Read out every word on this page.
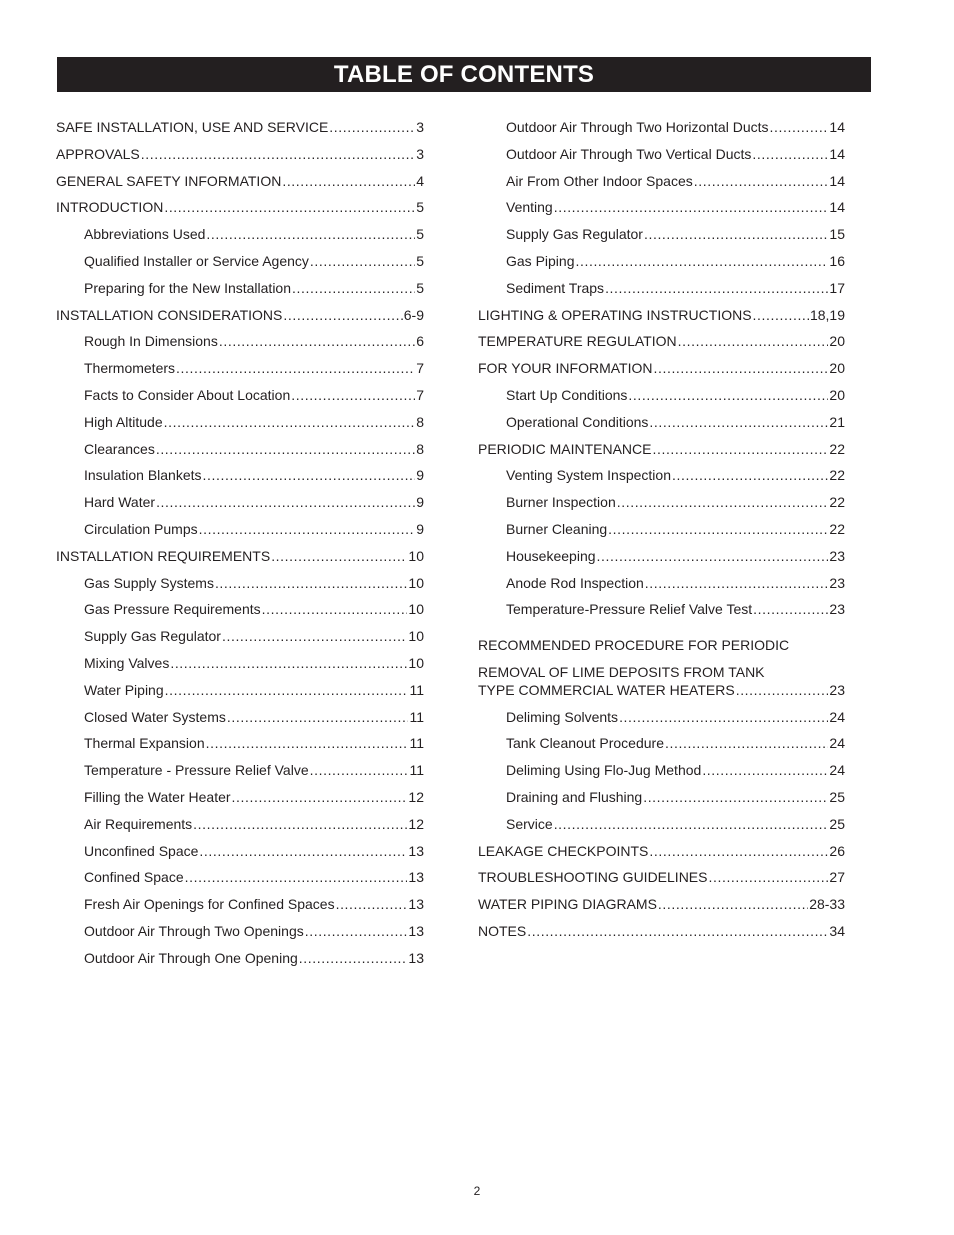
TABLE OF CONTENTS
SAFE INSTALLATION, USE AND SERVICE .....	3
APPROVALS .....	3
GENERAL SAFETY INFORMATION .....	4
INTRODUCTION .....	5
Abbreviations Used .....	5
Qualified Installer or Service Agency .....	5
Preparing for the New Installation .....	5
INSTALLATION CONSIDERATIONS .....	6-9
Rough In Dimensions .....	6
Thermometers .....	7
Facts to Consider About Location .....	7
High Altitude .....	8
Clearances .....	8
Insulation Blankets .....	9
Hard Water .....	9
Circulation Pumps .....	9
INSTALLATION REQUIREMENTS .....	10
Gas Supply Systems .....	10
Gas Pressure Requirements .....	10
Supply Gas Regulator .....	10
Mixing Valves .....	10
Water Piping .....	11
Closed Water Systems .....	11
Thermal Expansion .....	11
Temperature - Pressure Relief Valve .....	11
Filling the Water Heater .....	12
Air Requirements .....	12
Unconfined Space .....	13
Confined Space .....	13
Fresh Air Openings for Confined Spaces .....	13
Outdoor Air Through Two Openings .....	13
Outdoor Air Through One Opening .....	13
Outdoor Air Through Two Horizontal Ducts .....	14
Outdoor Air Through Two Vertical Ducts .....	14
Air From Other Indoor Spaces .....	14
Venting .....	14
Supply Gas Regulator .....	15
Gas Piping .....	16
Sediment Traps .....	17
LIGHTING & OPERATING INSTRUCTIONS .....	18,19
TEMPERATURE REGULATION .....	20
FOR YOUR INFORMATION .....	20
Start Up Conditions .....	20
Operational Conditions .....	21
PERIODIC MAINTENANCE .....	22
Venting System Inspection .....	22
Burner Inspection .....	22
Burner Cleaning .....	22
Housekeeping .....	23
Anode Rod Inspection .....	23
Temperature-Pressure Relief Valve Test .....	23
RECOMMENDED PROCEDURE FOR PERIODIC
REMOVAL OF LIME DEPOSITS FROM TANK
TYPE COMMERCIAL WATER HEATERS .....	23
Deliming Solvents .....	24
Tank Cleanout Procedure .....	24
Deliming Using Flo-Jug Method .....	24
Draining and Flushing .....	25
Service .....	25
LEAKAGE CHECKPOINTS .....	26
TROUBLESHOOTING GUIDELINES .....	27
WATER PIPING DIAGRAMS .....	28-33
NOTES .....	34
2
